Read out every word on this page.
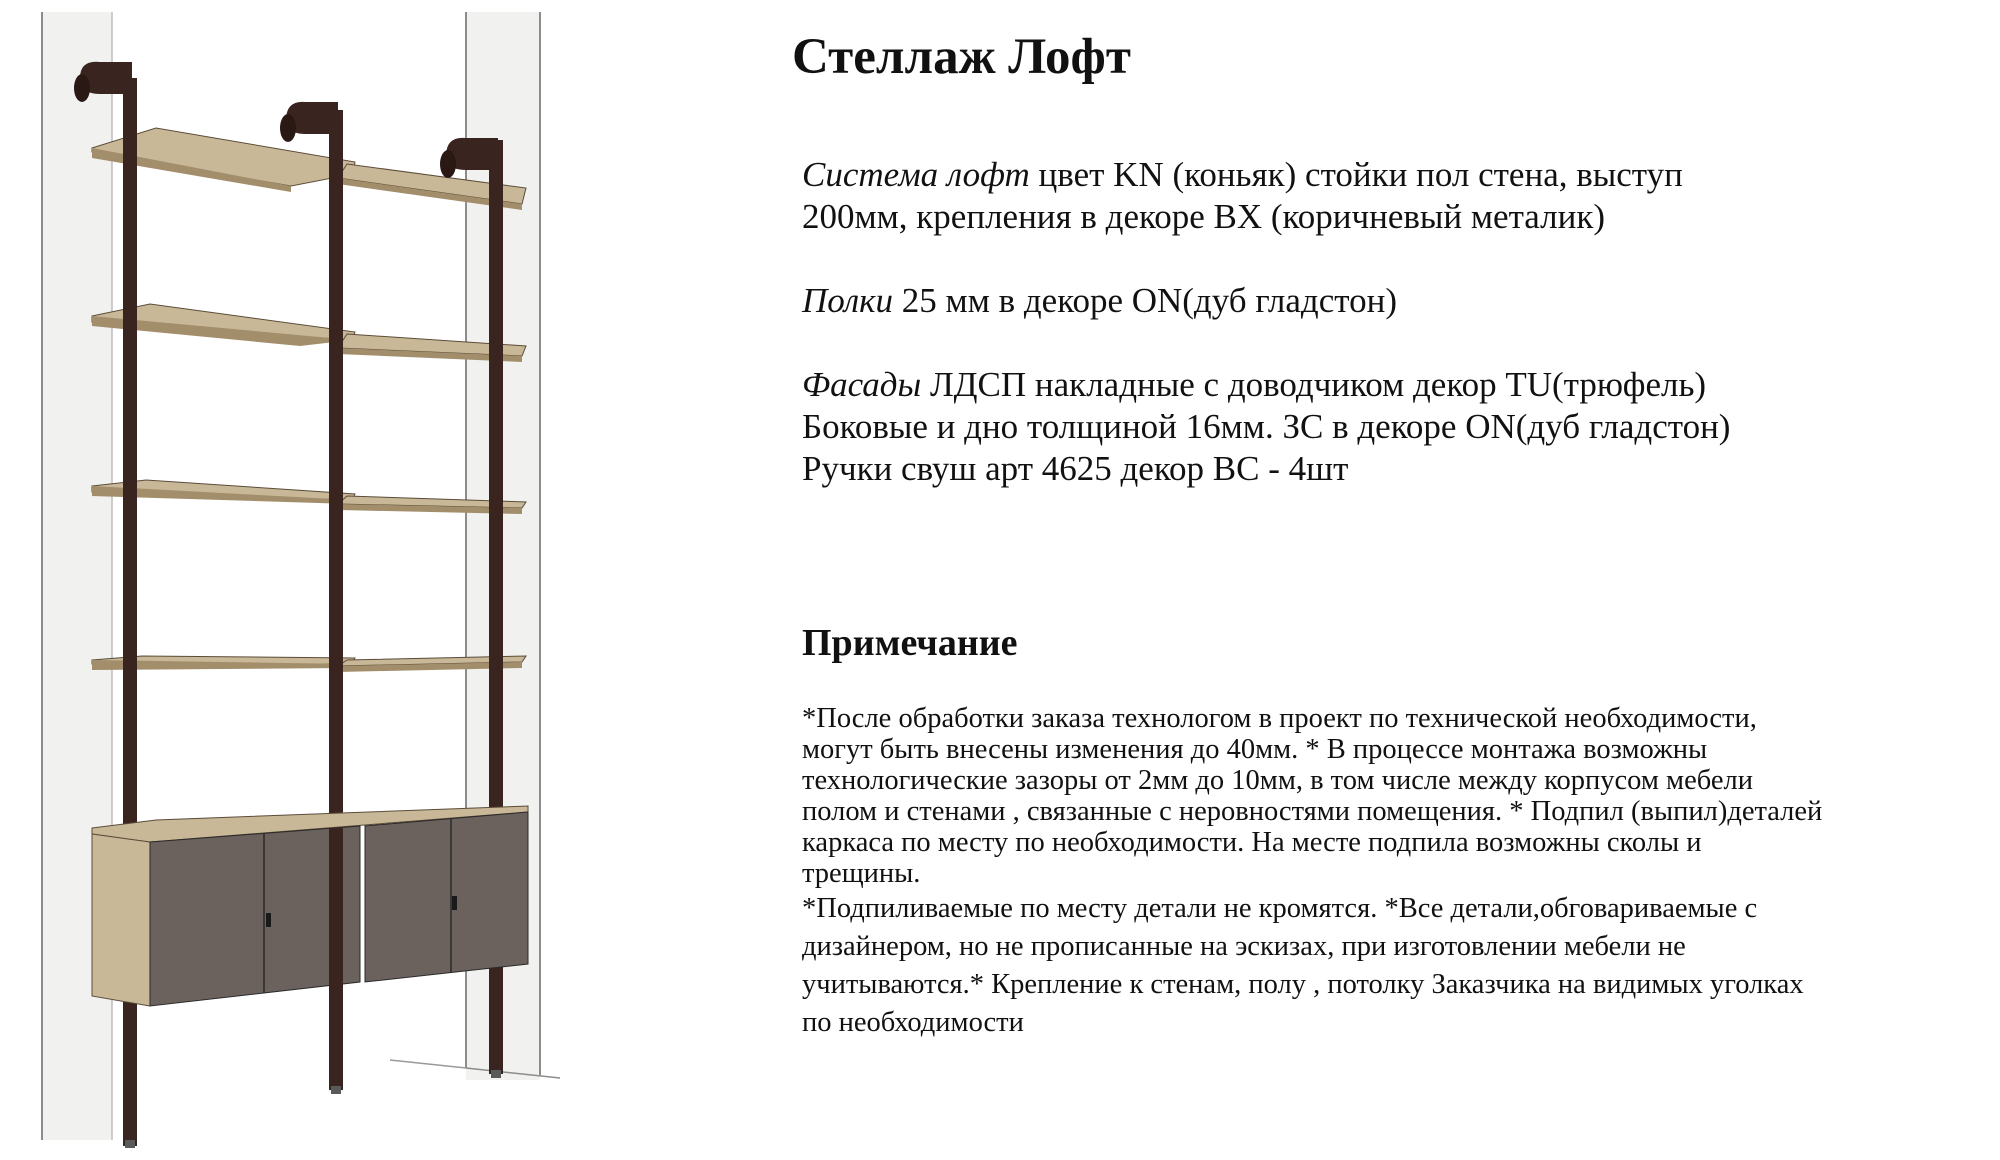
Стеллаж Лофт

Система лофт цвет KN (коньяк) стойки пол стена, выступ

200мм, крепления в декоре BX (коричневый металик)

Полки 25 мм в декоре ON(дуб гладстон)

Фасады ЛДСП накладные с доводчиком декор TU(трюфель)

Боковые и дно толщиной 16мм. ЗС в декоре ON(дуб гладстон)

Ручки свуш арт 4625 декор BC - 4шт

Примечание
*После обработки заказа технологом в проект по технической необходимости,
могут быть внесены изменения до 40мм. * В процессе монтажа возможны
технологические зазоры от 2мм до 10мм, в том числе между корпусом мебели
полом и стенами , связанные с неровностями помещения. * Подпил (выпил)деталей
каркаса по месту по необходимости. На месте подпила возможны сколы и
трещины.
*Подпиливаемые по месту детали не кромятся. *Все детали,обговариваемые с
дизайнером, но не прописанные на эскизах, при изготовлении мебели не
учитываются.* Крепление к стенам, полу , потолку Заказчика на видимых уголках
по необходимости
